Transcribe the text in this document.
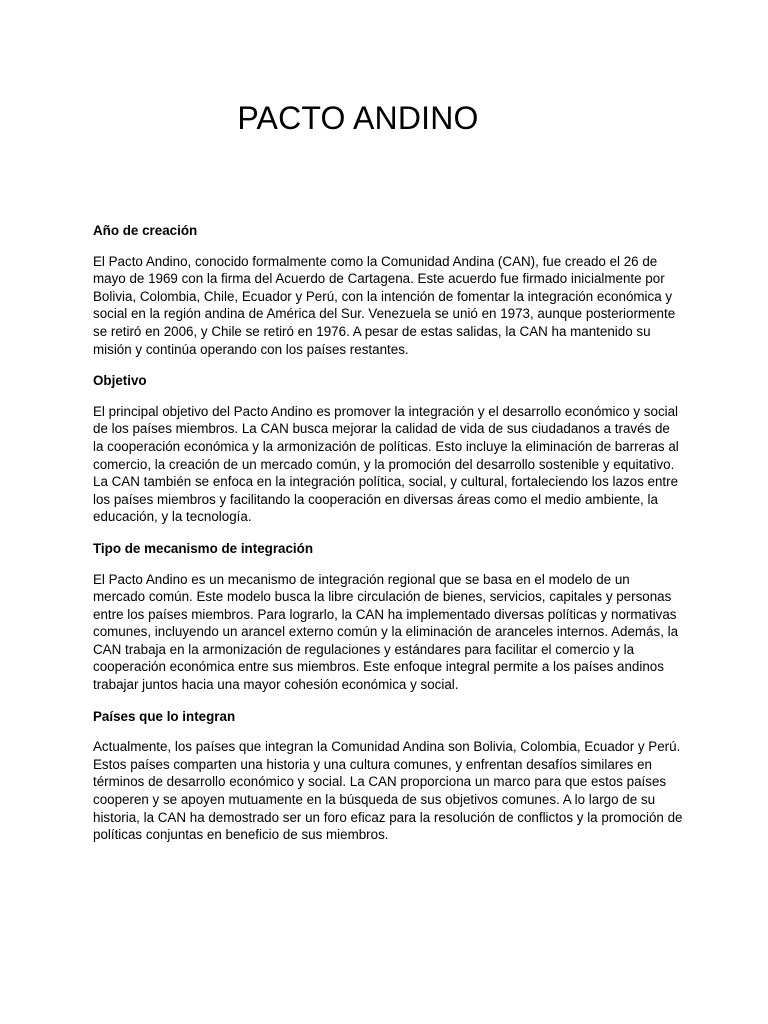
PACTO ANDINO
Año de creación

El Pacto Andino, conocido formalmente como la Comunidad Andina (CAN), fue creado el 26 de mayo de 1969 con la firma del Acuerdo de Cartagena. Este acuerdo fue firmado inicialmente por Bolivia, Colombia, Chile, Ecuador y Perú, con la intención de fomentar la integración económica y social en la región andina de América del Sur. Venezuela se unió en 1973, aunque posteriormente se retiró en 2006, y Chile se retiró en 1976. A pesar de estas salidas, la CAN ha mantenido su misión y continúa operando con los países restantes.

Objetivo

El principal objetivo del Pacto Andino es promover la integración y el desarrollo económico y social de los países miembros. La CAN busca mejorar la calidad de vida de sus ciudadanos a través de la cooperación económica y la armonización de políticas. Esto incluye la eliminación de barreras al comercio, la creación de un mercado común, y la promoción del desarrollo sostenible y equitativo. La CAN también se enfoca en la integración política, social, y cultural, fortaleciendo los lazos entre los países miembros y facilitando la cooperación en diversas áreas como el medio ambiente, la educación, y la tecnología.

Tipo de mecanismo de integración

El Pacto Andino es un mecanismo de integración regional que se basa en el modelo de un mercado común. Este modelo busca la libre circulación de bienes, servicios, capitales y personas entre los países miembros. Para lograrlo, la CAN ha implementado diversas políticas y normativas comunes, incluyendo un arancel externo común y la eliminación de aranceles internos. Además, la CAN trabaja en la armonización de regulaciones y estándares para facilitar el comercio y la cooperación económica entre sus miembros. Este enfoque integral permite a los países andinos trabajar juntos hacia una mayor cohesión económica y social.

Países que lo integran

Actualmente, los países que integran la Comunidad Andina son Bolivia, Colombia, Ecuador y Perú. Estos países comparten una historia y una cultura comunes, y enfrentan desafíos similares en términos de desarrollo económico y social. La CAN proporciona un marco para que estos países cooperen y se apoyen mutuamente en la búsqueda de sus objetivos comunes. A lo largo de su historia, la CAN ha demostrado ser un foro eficaz para la resolución de conflictos y la promoción de políticas conjuntas en beneficio de sus miembros.
